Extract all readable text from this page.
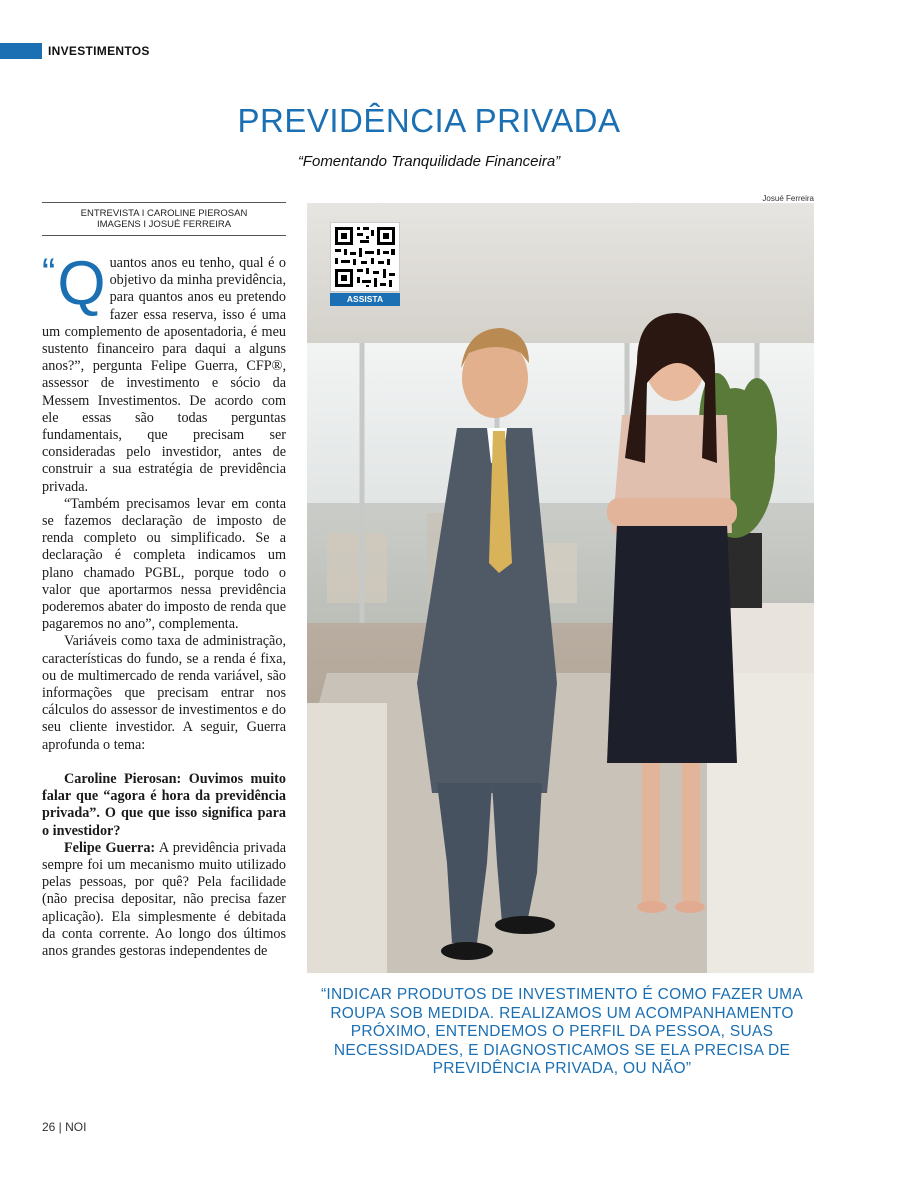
INVESTIMENTOS
PREVIDÊNCIA PRIVADA
“Fomentando Tranquilidade Financeira”
ENTREVISTA I CAROLINE PIEROSAN
IMAGENS I JOSUÉ FERREIRA

“ Q uantos anos eu tenho, qual é o objetivo da minha previdência, para quantos anos eu pretendo fazer essa reserva, isso é uma um complemento de aposentadoria, é meu sustento financeiro para daqui a alguns anos?”, pergunta Felipe Guerra, CFP®, assessor de investimento e sócio da Messem Investimentos. De acordo com ele essas são todas perguntas fundamentais, que precisam ser consideradas pelo investidor, antes de construir a sua estratégia de previdência privada.

“Também precisamos levar em conta se fazemos declaração de imposto de renda completo ou simplificado. Se a declaração é completa indicamos um plano chamado PGBL, porque todo o valor que aportarmos nessa previdência poderemos abater do imposto de renda que pagaremos no ano”, complementa.

Variáveis como taxa de administração, características do fundo, se a renda é fixa, ou de multimercado de renda variável, são informações que precisam entrar nos cálculos do assessor de investimentos e do seu cliente investidor. A seguir, Guerra aprofunda o tema:

Caroline Pierosan: Ouvimos muito falar que “agora é hora da previdência privada”. O que que isso significa para o investidor?

Felipe Guerra: A previdência privada sempre foi um mecanismo muito utilizado pelas pessoas, por quê? Pela facilidade (não precisa depositar, não precisa fazer aplicação). Ela simplesmente é debitada da conta corrente. Ao longo dos últimos anos grandes gestoras independentes de

Josué Ferreira
ASSISTA
“INDICAR PRODUTOS DE INVESTIMENTO É COMO FAZER UMA ROUPA SOB MEDIDA. REALIZAMOS UM ACOMPANHAMENTO PRÓXIMO, ENTENDEMOS O PERFIL DA PESSOA, SUAS NECESSIDADES, E DIAGNOSTICAMOS SE ELA PRECISA DE PREVIDÊNCIA PRIVADA, OU NÃO”
26 | NOI
